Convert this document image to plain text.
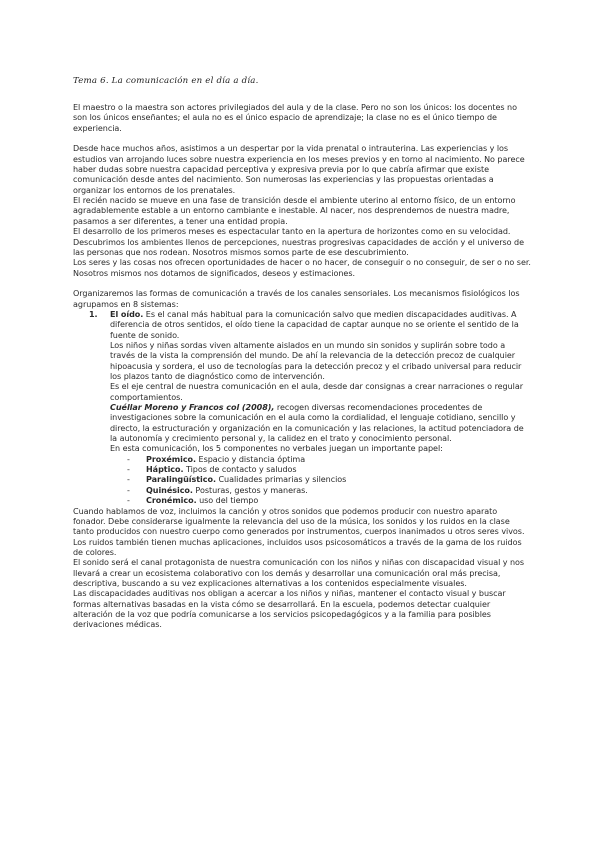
Tema 6. La comunicación en el día a día.

El maestro o la maestra son actores privilegiados del aula y de la clase. Pero no son los únicos: los docentes no son los únicos enseñantes; el aula no es el único espacio de aprendizaje; la clase no es el único tiempo de experiencia.

Desde hace muchos años, asistimos a un despertar por la vida prenatal o intrauterina. Las experiencias y los estudios van arrojando luces sobre nuestra experiencia en los meses previos y en torno al nacimiento. No parece haber dudas sobre nuestra capacidad perceptiva y expresiva previa por lo que cabría afirmar que existe comunicación desde antes del nacimiento. Son numerosas las experiencias y las propuestas orientadas a organizar los entornos de los prenatales.

El recién nacido se mueve en una fase de transición desde el ambiente uterino al entorno físico, de un entorno agradablemente estable a un entorno cambiante e inestable. Al nacer, nos desprendemos de nuestra madre, pasamos a ser diferentes, a tener una entidad propia.

El desarrollo de los primeros meses es espectacular tanto en la apertura de horizontes como en su velocidad. Descubrimos los ambientes llenos de percepciones, nuestras progresivas capacidades de acción y el universo de las personas que nos rodean. Nosotros mismos somos parte de ese descubrimiento.

Los seres y las cosas nos ofrecen oportunidades de hacer o no hacer, de conseguir o no conseguir, de ser o no ser. Nosotros mismos nos dotamos de significados, deseos y estimaciones.

Organizaremos las formas de comunicación a través de los canales sensoriales. Los mecanismos fisiológicos los agrupamos en 8 sistemas:

1. El oído. Es el canal más habitual para la comunicación salvo que medien discapacidades auditivas. A diferencia de otros sentidos, el oído tiene la capacidad de captar aunque no se oriente el sentido de la fuente de sonido.

Los niños y niñas sordas viven altamente aislados en un mundo sin sonidos y suplirán sobre todo a través de la vista la comprensión del mundo. De ahí la relevancia de la detección precoz de cualquier hipoacusia y sordera, el uso de tecnologías para la detección precoz y el cribado universal para reducir los plazos tanto de diagnóstico como de intervención.

Es el eje central de nuestra comunicación en el aula, desde dar consignas a crear narraciones o regular comportamientos.

Cuéllar Moreno y Francos col (2008), recogen diversas recomendaciones procedentes de investigaciones sobre la comunicación en el aula como la cordialidad, el lenguaje cotidiano, sencillo y directo, la estructuración y organización en la comunicación y las relaciones, la actitud potenciadora de la autonomía y crecimiento personal y, la calidez en el trato y conocimiento personal.

En esta comunicación, los 5 componentes no verbales juegan un importante papel:

- Proxémico. Espacio y distancia óptima
- Háptico. Tipos de contacto y saludos
- Paralingüístico. Cualidades primarias y silencios
- Quinésico. Posturas, gestos y maneras.
- Cronémico. uso del tiempo

Cuando hablamos de voz, incluimos la canción y otros sonidos que podemos producir con nuestro aparato fonador. Debe considerarse igualmente la relevancia del uso de la música, los sonidos y los ruidos en la clase tanto producidos con nuestro cuerpo como generados por instrumentos, cuerpos inanimados u otros seres vivos. Los ruidos también tienen muchas aplicaciones, incluidos usos psicosomáticos a través de la gama de los ruidos de colores.

El sonido será el canal protagonista de nuestra comunicación con los niños y niñas con discapacidad visual y nos llevará a crear un ecosistema colaborativo con los demás y desarrollar una comunicación oral más precisa, descriptiva, buscando a su vez explicaciones alternativas a los contenidos especialmente visuales.

Las discapacidades auditivas nos obligan a acercar a los niños y niñas, mantener el contacto visual y buscar formas alternativas basadas en la vista cómo se desarrollará. En la escuela, podemos detectar cualquier alteración de la voz que podría comunicarse a los servicios psicopedagógicos y a la familia para posibles derivaciones médicas.
